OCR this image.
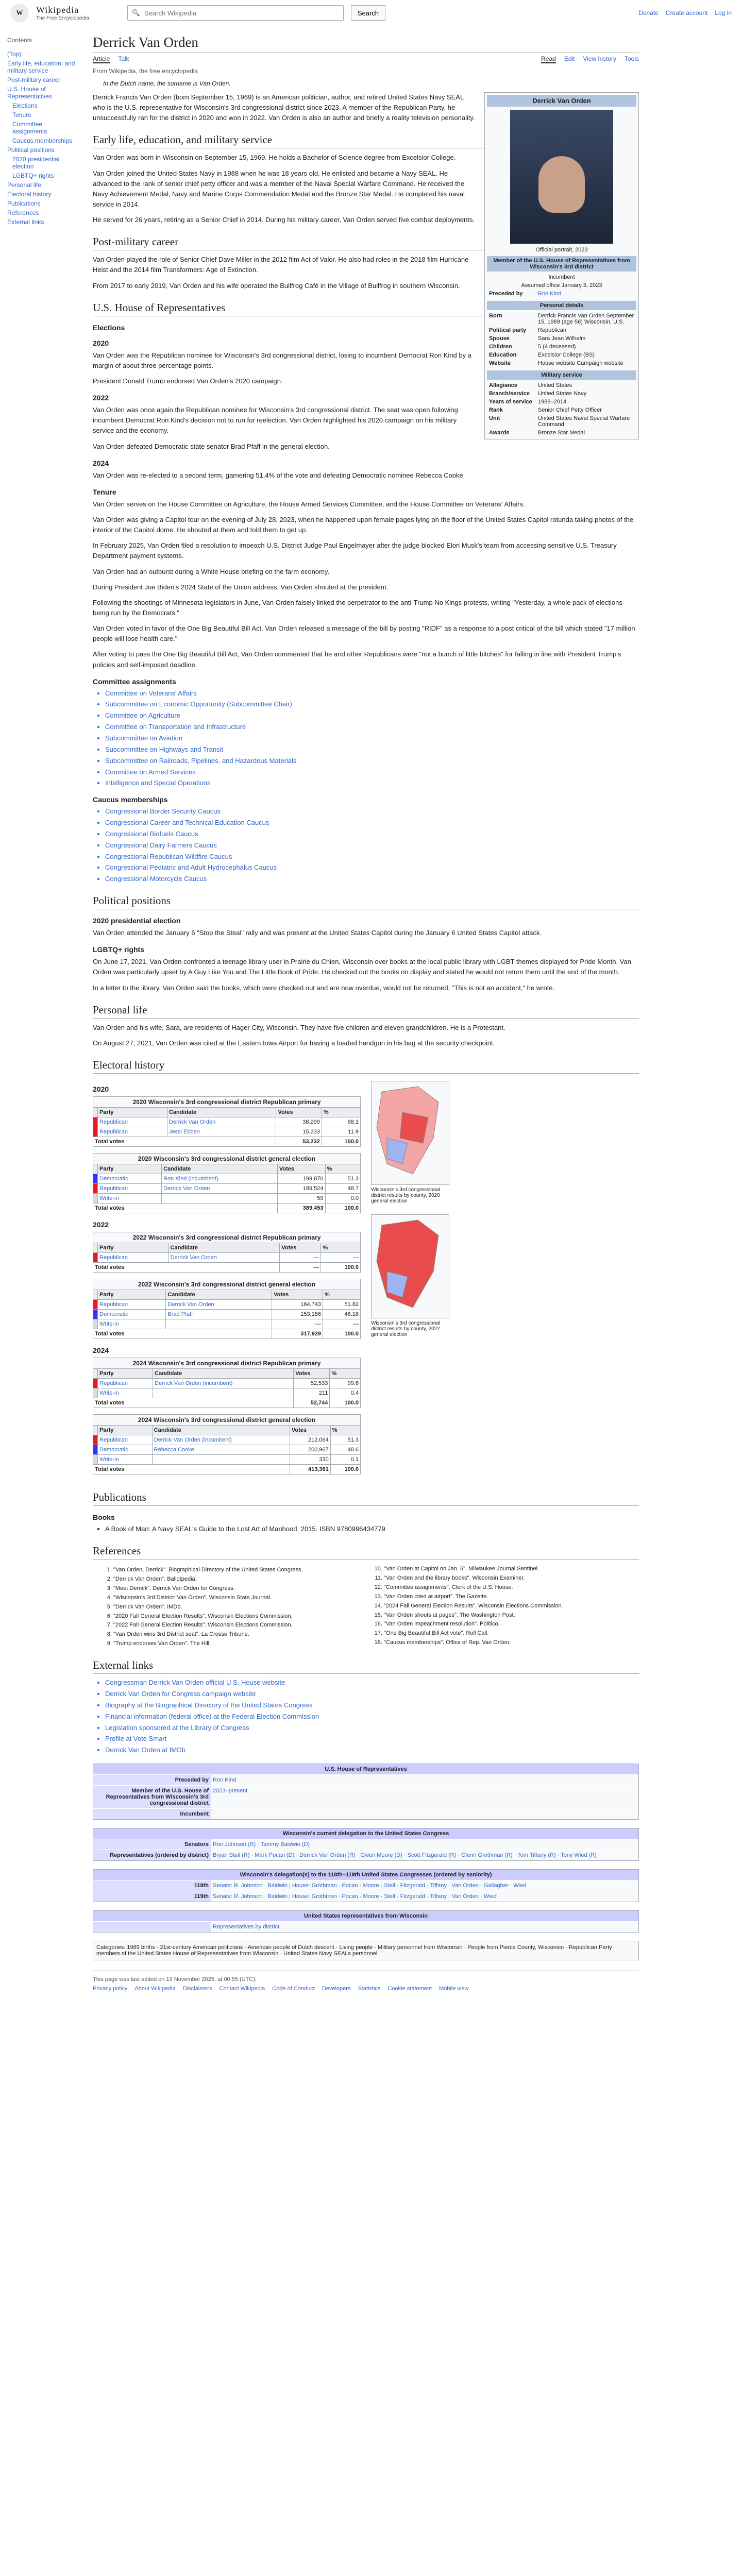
W	Wikipedia
The Free Encyclopedia
🔍
Search Wikipedia	Search	Donate Create account Log in
Contents
(Top)
Early life, education, and military service
Post-military career
U.S. House of Representatives
Elections
Tenure
Committee assignments
Caucus memberships
Political positions
2020 presidential election
LGBTQ+ rights
Personal life
Electoral history
Publications
References
External links
Derrick Van Orden
Article Talk	Read Edit View history Tools
From Wikipedia, the free encyclopedia
In the Dutch name, the surname is Van Orden.
Derrick Van Orden
Official portrait, 2023
Member of the U.S. House of Representatives from Wisconsin's 3rd district
Incumbent
Assumed office January 3, 2023
Preceded by	Ron Kind
Personal details
Born	Derrick Francis Van Orden September 15, 1969 (age 56) Wisconsin, U.S.
Political party	Republican
Spouse	Sara Jean Wilhelm
Children	5 (4 deceased)
Education	Excelsior College (BS)
Website	House website Campaign website
Military service
Allegiance	United States
Branch/service	United States Navy
Years of service	1988–2014
Rank	Senior Chief Petty Officer
Unit	United States Naval Special Warfare Command
Awards	Bronze Star Medal

Derrick Francis Van Orden (born September 15, 1969) is an American politician, author, and retired United States Navy SEAL who is the U.S. representative for Wisconsin's 3rd congressional district since 2023. A member of the Republican Party, he unsuccessfully ran for the district in 2020 and won in 2022. Van Orden is also an author and briefly a reality television personality.

Early life, education, and military service

Van Orden was born in Wisconsin on September 15, 1969. He holds a Bachelor of Science degree from Excelsior College.

Van Orden joined the United States Navy in 1988 when he was 18 years old. He enlisted and became a Navy SEAL. He advanced to the rank of senior chief petty officer and was a member of the Naval Special Warfare Command. He received the Navy Achievement Medal, Navy and Marine Corps Commendation Medal and the Bronze Star Medal. He completed his naval service in 2014.

He served for 26 years, retiring as a Senior Chief in 2014. During his military career, Van Orden served five combat deployments.

Post-military career

Van Orden played the role of Senior Chief Dave Miller in the 2012 film Act of Valor. He also had roles in the 2018 film Hurricane Heist and the 2014 film Transformers: Age of Extinction.

From 2017 to early 2019, Van Orden and his wife operated the Bullfrog Café in the Village of Bullfrog in southern Wisconsin.

U.S. House of Representatives
Elections
2020

Van Orden was the Republican nominee for Wisconsin's 3rd congressional district, losing to incumbent Democrat Ron Kind by a margin of about three percentage points.

President Donald Trump endorsed Van Orden's 2020 campaign.

2022

Van Orden was once again the Republican nominee for Wisconsin's 3rd congressional district. The seat was open following incumbent Democrat Ron Kind's decision not to run for reelection. Van Orden highlighted his 2020 campaign on his military service and the economy.

Van Orden defeated Democratic state senator Brad Pfaff in the general election.

2024

Van Orden was re-elected to a second term, garnering 51.4% of the vote and defeating Democratic nominee Rebecca Cooke.

Tenure

Van Orden serves on the House Committee on Agriculture, the House Armed Services Committee, and the House Committee on Veterans' Affairs.

Van Orden was giving a Capitol tour on the evening of July 28, 2023, when he happened upon female pages lying on the floor of the United States Capitol rotunda taking photos of the interior of the Capitol dome. He shouted at them and told them to get up.

In February 2025, Van Orden filed a resolution to impeach U.S. District Judge Paul Engelmayer after the judge blocked Elon Musk's team from accessing sensitive U.S. Treasury Department payment systems.

Van Orden had an outburst during a White House briefing on the farm economy.

During President Joe Biden's 2024 State of the Union address, Van Orden shouted at the president.

Following the shootings of Minnesota legislators in June, Van Orden falsely linked the perpetrator to the anti-Trump No Kings protests, writing "Yesterday, a whole pack of elections being run by the Democrats."

Van Orden voted in favor of the One Big Beautiful Bill Act. Van Orden released a message of the bill by posting "RIDF" as a response to a post critical of the bill which stated "17 million people will lose health care."

After voting to pass the One Big Beautiful Bill Act, Van Orden commented that he and other Republicans were "not a bunch of little bitches" for falling in line with President Trump's policies and self-imposed deadline.

Committee assignments
• Committee on Veterans' Affairs
• Subcommittee on Economic Opportunity (Subcommittee Chair)
• Committee on Agriculture
• Committee on Transportation and Infrastructure
• Subcommittee on Aviation
• Subcommittee on Highways and Transit
• Subcommittee on Railroads, Pipelines, and Hazardous Materials
• Committee on Armed Services
• Intelligence and Special Operations
Caucus memberships
• Congressional Border Security Caucus
• Congressional Career and Technical Education Caucus
• Congressional Biofuels Caucus
• Congressional Dairy Farmers Caucus
• Congressional Republican Wildfire Caucus
• Congressional Pediatric and Adult Hydrocephalus Caucus
• Congressional Motorcycle Caucus
Political positions
2020 presidential election

Van Orden attended the January 6 "Stop the Steal" rally and was present at the United States Capitol during the January 6 United States Capitol attack.

LGBTQ+ rights

On June 17, 2021, Van Orden confronted a teenage library user in Prairie du Chien, Wisconsin over books at the local public library with LGBT themes displayed for Pride Month. Van Orden was particularly upset by A Guy Like You and The Little Book of Pride. He checked out the books on display and stated he would not return them until the end of the month.

In a letter to the library, Van Orden said the books, which were checked out and are now overdue, would not be returned. "This is not an accident," he wrote.

Personal life

Van Orden and his wife, Sara, are residents of Hager City, Wisconsin. They have five children and eleven grandchildren. He is a Protestant.

On August 27, 2021, Van Orden was cited at the Eastern Iowa Airport for having a loaded handgun in his bag at the security checkpoint.

Electoral history
2020
2020 Wisconsin's 3rd congressional district Republican primary
	Party	Candidate	Votes	%
	Republican	Derrick Van Orden	38,299	88.1
	Republican	Jessi Ebben	15,233	11.9
Total votes			53,232	100.0
2020 Wisconsin's 3rd congressional district general election
	Party	Candidate	Votes	%
	Democratic	Ron Kind (incumbent)	199,870	51.3
	Republican	Derrick Van Orden	189,524	48.7
	Write-in		59	0.0
Total votes			389,453	100.0
2022
2022 Wisconsin's 3rd congressional district Republican primary
	Party	Candidate	Votes	%
	Republican	Derrick Van Orden	—	—
Total votes			—	100.0
2022 Wisconsin's 3rd congressional district general election
	Party	Candidate	Votes	%
	Republican	Derrick Van Orden	164,743	51.82
	Democratic	Brad Pfaff	153,186	48.18
	Write-in		—	—
Total votes			317,929	100.0
2024
2024 Wisconsin's 3rd congressional district Republican primary
	Party	Candidate	Votes	%
	Republican	Derrick Van Orden (incumbent)	52,533	99.6
	Write-in		211	0.4
Total votes			52,744	100.0
2024 Wisconsin's 3rd congressional district general election
	Party	Candidate	Votes	%
	Republican	Derrick Van Orden (incumbent)	212,064	51.3
	Democratic	Rebecca Cooke	200,967	48.6
	Write-in		330	0.1
Total votes			413,361	100.0
Wisconsin's 3rd congressional district results by county, 2020 general election
Wisconsin's 3rd congressional district results by county, 2022 general election
Publications
Books
• A Book of Man: A Navy SEAL's Guide to the Lost Art of Manhood. 2015. ISBN 9780996434779
References
1. "Van Orden, Derrick". Biographical Directory of the United States Congress.
2. "Derrick Van Orden". Ballotpedia.
3. "Meet Derrick". Derrick Van Orden for Congress.
4. "Wisconsin's 3rd District: Van Orden". Wisconsin State Journal.
5. "Derrick Van Orden". IMDb.
6. "2020 Fall General Election Results". Wisconsin Elections Commission.
7. "2022 Fall General Election Results". Wisconsin Elections Commission.
8. "Van Orden wins 3rd District seat". La Crosse Tribune.
9. "Trump endorses Van Orden". The Hill.
10. "Van Orden at Capitol on Jan. 6". Milwaukee Journal Sentinel.
11. "Van Orden and the library books". Wisconsin Examiner.
12. "Committee assignments". Clerk of the U.S. House.
13. "Van Orden cited at airport". The Gazette.
14. "2024 Fall General Election Results". Wisconsin Elections Commission.
15. "Van Orden shouts at pages". The Washington Post.
16. "Van Orden impeachment resolution". Politico.
17. "One Big Beautiful Bill Act vote". Roll Call.
18. "Caucus memberships". Office of Rep. Van Orden.
External links
• Congressman Derrick Van Orden official U.S. House website
• Derrick Van Orden for Congress campaign website
• Biography at the Biographical Directory of the United States Congress
• Financial information (federal office) at the Federal Election Commission
• Legislation sponsored at the Library of Congress
• Profile at Vote Smart
• Derrick Van Orden at IMDb
U.S. House of Representatives
Preceded by Ron Kind
Member of the U.S. House of Representatives from Wisconsin's 3rd congressional district
2023–present
Incumbent
Wisconsin's current delegation to the United States Congress
Senators Ron Johnson (R) · Tammy Baldwin (D)
Representatives (ordered by district) Bryan Steil (R) · Mark Pocan (D) · Derrick Van Orden (R) · Gwen Moore (D) · Scott Fitzgerald (R) · Glenn Grothman (R) · Tom Tiffany (R) · Tony Wied (R)
Wisconsin's delegation(s) to the 118th–119th United States Congresses (ordered by seniority)
118th Senate: R. Johnson · Baldwin | House: Grothman · Pocan · Moore · Steil · Fitzgerald · Tiffany · Van Orden · Gallagher · Wied
119th Senate: R. Johnson · Baldwin | House: Grothman · Pocan · Moore · Steil · Fitzgerald · Tiffany · Van Orden · Wied
United States representatives from Wisconsin
Representatives by district
Categories: 1969 births · 21st-century American politicians · American people of Dutch descent · Living people · Military personnel from Wisconsin · People from Pierce County, Wisconsin · Republican Party members of the United States House of Representatives from Wisconsin · United States Navy SEALs personnel
This page was last edited on 19 November 2025, at 00:55 (UTC).
Privacy policy About Wikipedia Disclaimers Contact Wikipedia Code of Conduct Developers Statistics Cookie statement Mobile view
